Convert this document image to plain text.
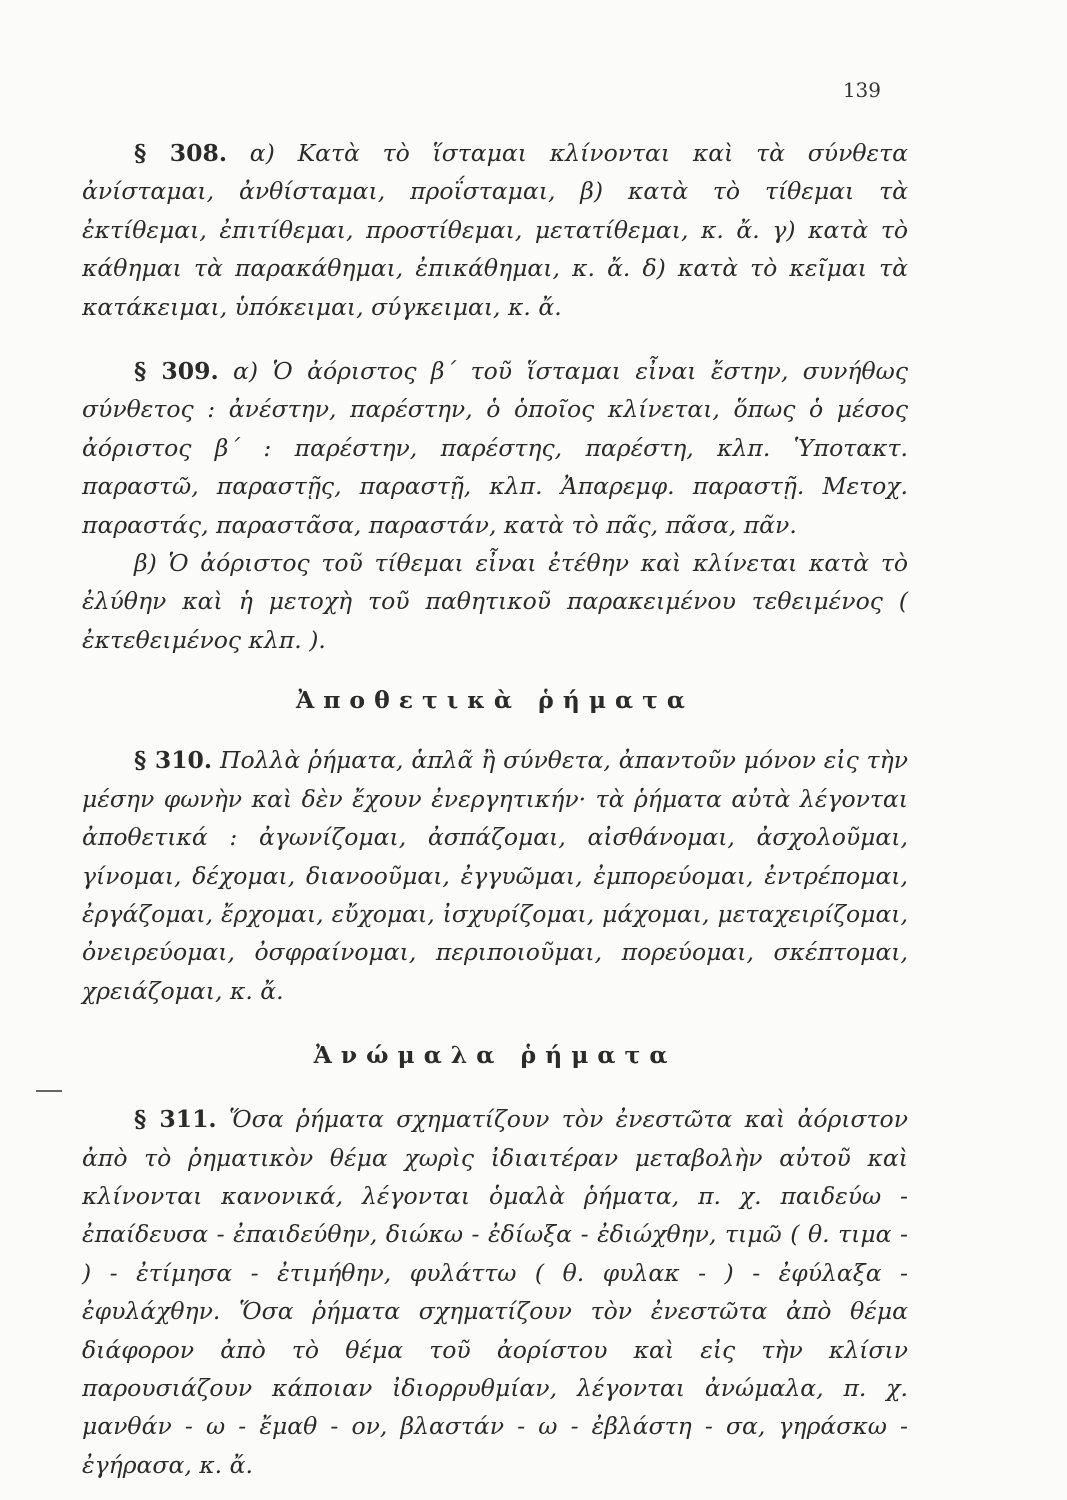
139

§ 308. α) Κατὰ τὸ ἵσταμαι κλίνονται καὶ τὰ σύνθετα ἀνίσταμαι, ἀνθίσταμαι, προΐσταμαι, β) κατὰ τὸ τίθεμαι τὰ ἐκτίθεμαι, ἐπιτίθεμαι, προστίθεμαι, μετατίθεμαι, κ. ἄ. γ) κατὰ τὸ κάθημαι τὰ παρακάθημαι, ἐπικάθημαι, κ. ἄ. δ) κατὰ τὸ κεῖμαι τὰ κατάκειμαι, ὑπόκειμαι, σύγκειμαι, κ. ἄ.

§ 309. α) Ὁ ἀόριστος β΄ τοῦ ἵσταμαι εἶναι ἔστην, συνήθως σύνθετος : ἀνέστην, παρέστην, ὁ ὁποῖος κλίνεται, ὅπως ὁ μέσος ἀόριστος β΄ : παρέστην, παρέστης, παρέστη, κλπ. Ὑποτακτ. παραστῶ, παραστῇς, παραστῇ, κλπ. Ἀπαρεμφ. παραστῇ. Μετοχ. παραστάς, παραστᾶσα, παραστάν, κατὰ τὸ πᾶς, πᾶσα, πᾶν.

β) Ὁ ἀόριστος τοῦ τίθεμαι εἶναι ἐτέθην καὶ κλίνεται κατὰ τὸ ἐλύθην καὶ ἡ μετοχὴ τοῦ παθητικοῦ παρακειμένου τεθειμένος ( ἐκτεθειμένος κλπ. ).

Ἀποθετικὰ ῥήματα

§ 310. Πολλὰ ῥήματα, ἁπλᾶ ἢ σύνθετα, ἀπαντοῦν μόνον εἰς τὴν μέσην φωνὴν καὶ δὲν ἔχουν ἐνεργητικήν· τὰ ῥήματα αὐτὰ λέγονται ἀποθετικά : ἀγωνίζομαι, ἀσπάζομαι, αἰσθάνομαι, ἀσχολοῦμαι, γίνομαι, δέχομαι, διανοοῦμαι, ἐγγυῶμαι, ἐμπορεύομαι, ἐντρέπομαι, ἐργάζομαι, ἔρχομαι, εὔχομαι, ἰσχυρίζομαι, μάχομαι, μεταχειρίζομαι, ὀνειρεύομαι, ὀσφραίνομαι, περιποιοῦμαι, πορεύομαι, σκέπτομαι, χρειάζομαι, κ. ἄ.

Ἀνώμαλα ῥήματα

§ 311. Ὅσα ῥήματα σχηματίζουν τὸν ἐνεστῶτα καὶ ἀόριστον ἀπὸ τὸ ῥηματικὸν θέμα χωρὶς ἰδιαιτέραν μεταβολὴν αὐτοῦ καὶ κλίνονται κανονικά, λέγονται ὁμαλὰ ῥήματα, π. χ. παιδεύω - ἐπαίδευσα - ἐπαιδεύθην, διώκω - ἐδίωξα - ἐδιώχθην, τιμῶ ( θ. τιμα - ) - ἐτίμησα - ἐτιμήθην, φυλάττω ( θ. φυλακ - ) - ἐφύλαξα - ἐφυλάχθην. Ὅσα ῥήματα σχηματίζουν τὸν ἐνεστῶτα ἀπὸ θέμα διάφορον ἀπὸ τὸ θέμα τοῦ ἀορίστου καὶ εἰς τὴν κλίσιν παρουσιάζουν κάποιαν ἰδιορρυθμίαν, λέγονται ἀνώμαλα, π. χ. μανθάν - ω - ἔμαθ - ον, βλαστάν - ω - ἐβλάστη - σα, γηράσκω - ἐγήρασα, κ. ἄ.
